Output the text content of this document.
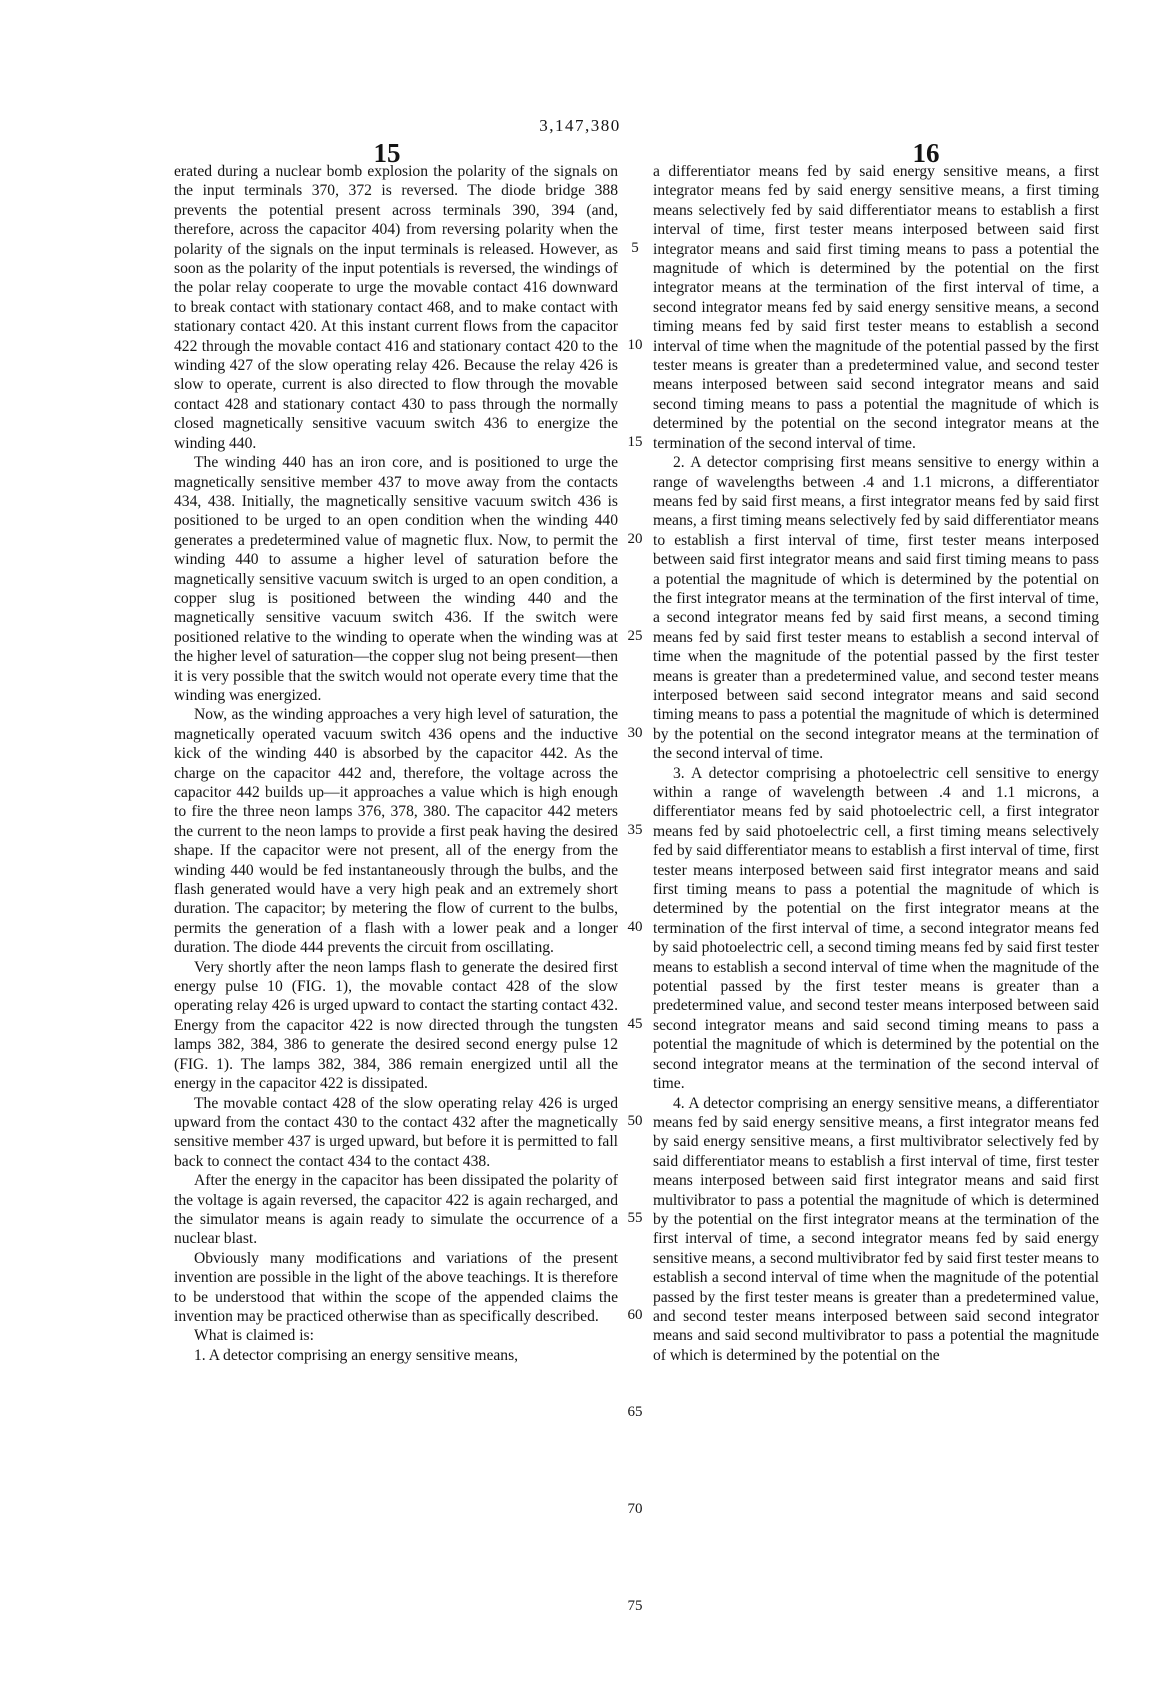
3,147,380
15	16

erated during a nuclear bomb explosion the polarity of the signals on the input terminals 370, 372 is reversed. The diode bridge 388 prevents the potential present across terminals 390, 394 (and, therefore, across the capacitor 404) from reversing polarity when the polarity of the signals on the input terminals is released. However, as soon as the polarity of the input potentials is reversed, the windings of the polar relay cooperate to urge the movable contact 416 downward to break contact with stationary contact 468, and to make contact with stationary contact 420. At this instant current flows from the capacitor 422 through the movable contact 416 and stationary contact 420 to the winding 427 of the slow operating relay 426. Because the relay 426 is slow to operate, current is also directed to flow through the movable contact 428 and stationary contact 430 to pass through the normally closed magnetically sensitive vacuum switch 436 to energize the winding 440.

The winding 440 has an iron core, and is positioned to urge the magnetically sensitive member 437 to move away from the contacts 434, 438. Initially, the magnetically sensitive vacuum switch 436 is positioned to be urged to an open condition when the winding 440 generates a predetermined value of magnetic flux. Now, to permit the winding 440 to assume a higher level of saturation before the magnetically sensitive vacuum switch is urged to an open condition, a copper slug is positioned between the winding 440 and the magnetically sensitive vacuum switch 436. If the switch were positioned relative to the winding to operate when the winding was at the higher level of saturation—the copper slug not being present—then it is very possible that the switch would not operate every time that the winding was energized.

Now, as the winding approaches a very high level of saturation, the magnetically operated vacuum switch 436 opens and the inductive kick of the winding 440 is absorbed by the capacitor 442. As the charge on the capacitor 442 and, therefore, the voltage across the capacitor 442 builds up—it approaches a value which is high enough to fire the three neon lamps 376, 378, 380. The capacitor 442 meters the current to the neon lamps to provide a first peak having the desired shape. If the capacitor were not present, all of the energy from the winding 440 would be fed instantaneously through the bulbs, and the flash generated would have a very high peak and an extremely short duration. The capacitor; by metering the flow of current to the bulbs, permits the generation of a flash with a lower peak and a longer duration. The diode 444 prevents the circuit from oscillating.

Very shortly after the neon lamps flash to generate the desired first energy pulse 10 (FIG. 1), the movable contact 428 of the slow operating relay 426 is urged upward to contact the starting contact 432. Energy from the capacitor 422 is now directed through the tungsten lamps 382, 384, 386 to generate the desired second energy pulse 12 (FIG. 1). The lamps 382, 384, 386 remain energized until all the energy in the capacitor 422 is dissipated.

The movable contact 428 of the slow operating relay 426 is urged upward from the contact 430 to the contact 432 after the magnetically sensitive member 437 is urged upward, but before it is permitted to fall back to connect the contact 434 to the contact 438.

After the energy in the capacitor has been dissipated the polarity of the voltage is again reversed, the capacitor 422 is again recharged, and the simulator means is again ready to simulate the occurrence of a nuclear blast.

Obviously many modifications and variations of the present invention are possible in the light of the above teachings. It is therefore to be understood that within the scope of the appended claims the invention may be practiced otherwise than as specifically described.

What is claimed is:

1. A detector comprising an energy sensitive means,

5
10
15
20
25
30
35
40
45
50
55
60
65
70
75

a differentiator means fed by said energy sensitive means, a first integrator means fed by said energy sensitive means, a first timing means selectively fed by said differentiator means to establish a first interval of time, first tester means interposed between said first integrator means and said first timing means to pass a potential the magnitude of which is determined by the potential on the first integrator means at the termination of the first interval of time, a second integrator means fed by said energy sensitive means, a second timing means fed by said first tester means to establish a second interval of time when the magnitude of the potential passed by the first tester means is greater than a predetermined value, and second tester means interposed between said second integrator means and said second timing means to pass a potential the magnitude of which is determined by the potential on the second integrator means at the termination of the second interval of time.

2. A detector comprising first means sensitive to energy within a range of wavelengths between .4 and 1.1 microns, a differentiator means fed by said first means, a first integrator means fed by said first means, a first timing means selectively fed by said differentiator means to establish a first interval of time, first tester means interposed between said first integrator means and said first timing means to pass a potential the magnitude of which is determined by the potential on the first integrator means at the termination of the first interval of time, a second integrator means fed by said first means, a second timing means fed by said first tester means to establish a second interval of time when the magnitude of the potential passed by the first tester means is greater than a predetermined value, and second tester means interposed between said second integrator means and said second timing means to pass a potential the magnitude of which is determined by the potential on the second integrator means at the termination of the second interval of time.

3. A detector comprising a photoelectric cell sensitive to energy within a range of wavelength between .4 and 1.1 microns, a differentiator means fed by said photoelectric cell, a first integrator means fed by said photoelectric cell, a first timing means selectively fed by said differentiator means to establish a first interval of time, first tester means interposed between said first integrator means and said first timing means to pass a potential the magnitude of which is determined by the potential on the first integrator means at the termination of the first interval of time, a second integrator means fed by said photoelectric cell, a second timing means fed by said first tester means to establish a second interval of time when the magnitude of the potential passed by the first tester means is greater than a predetermined value, and second tester means interposed between said second integrator means and said second timing means to pass a potential the magnitude of which is determined by the potential on the second integrator means at the termination of the second interval of time.

4. A detector comprising an energy sensitive means, a differentiator means fed by said energy sensitive means, a first integrator means fed by said energy sensitive means, a first multivibrator selectively fed by said differentiator means to establish a first interval of time, first tester means interposed between said first integrator means and said first multivibrator to pass a potential the magnitude of which is determined by the potential on the first integrator means at the termination of the first interval of time, a second integrator means fed by said energy sensitive means, a second multivibrator fed by said first tester means to establish a second interval of time when the magnitude of the potential passed by the first tester means is greater than a predetermined value, and second tester means interposed between said second integrator means and said second multivibrator to pass a potential the magnitude of which is determined by the potential on the
